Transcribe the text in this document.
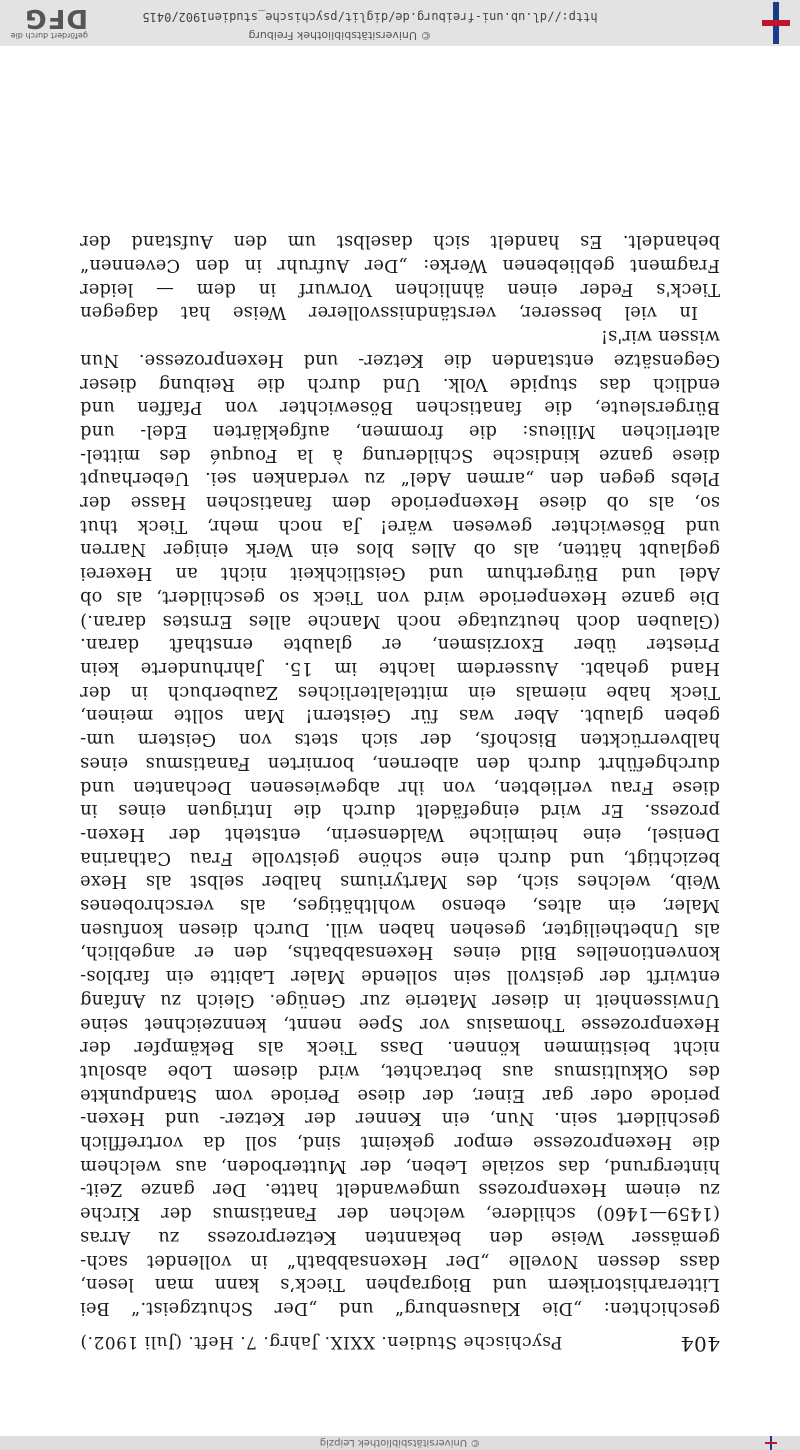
© Universitätsbibliothek Leipzig
404
Psychische Studien. XXIX. Jahrg. 7. Heft. (Juli 1902.)
geschichten: „Die Klausenburg“ und „Der Schutzgeist.“ Bei
Litterarhistorikern und Biographen Tieck’s kann man lesen,
dass dessen Novelle „Der Hexensabbath“ in vollendet sach-
gemässer Weise den bekannten Ketzerprozess zu Arras
(1459—1460) schildere, welchen der Fanatismus der Kirche
zu einem Hexenprozess umgewandelt hatte. Der ganze Zeit-
hintergrund, das soziale Leben, der Mutterboden, aus welchem
die Hexenprozesse empor gekeimt sind, soll da vortrefflich
geschildert sein. Nun, ein Kenner der Ketzer- und Hexen-
periode oder gar Einer, der diese Periode vom Standpunkte
des Okkultismus aus betrachtet, wird diesem Lobe absolut
nicht beistimmen können. Dass Tieck als Bekämpfer der
Hexenprozesse Thomasius vor Spee nennt, kennzeichnet seine
Unwissenheit in dieser Materie zur Genüge. Gleich zu Anfang
entwirft der geistvoll sein sollende Maler Labitte ein farblos-
konventionelles Bild eines Hexensabbaths, den er angeblich,
als Unbetheiligter, gesehen haben will. Durch diesen konfusen
Maler, ein altes, ebenso wohlthätiges, als verschrobenes
Weib, welches sich, des Martyriums halber selbst als Hexe
bezichtigt, und durch eine schöne geistvolle Frau Catharina
Denisel, eine heimliche Waldenserin, entsteht der Hexen-
prozess. Er wird eingefädelt durch die Intriguen eines in
diese Frau verliebten, von ihr abgewiesenen Dechanten und
durchgeführt durch den albernen, bornirten Fanatismus eines
halbverrückten Bischofs, der sich stets von Geistern um-
geben glaubt. Aber was für Geistern! Man sollte meinen,
Tieck habe niemals ein mittelalterliches Zauberbuch in der
Hand gehabt. Ausserdem lachte im 15. Jahrhunderte kein
Priester über Exorzismen, er glaubte ernsthaft daran.
(Glauben doch heutzutage noch Manche alles Ernstes daran.)
Die ganze Hexenperiode wird von Tieck so geschildert, als ob
Adel und Bürgerthum und Geistlichkeit nicht an Hexerei
geglaubt hätten, als ob Alles blos ein Werk einiger Narren
und Bösewichter gewesen wäre! Ja noch mehr, Tieck thut
so, als ob diese Hexenperiode dem fanatischen Hasse der
Plebs gegen den „armen Adel“ zu verdanken sei. Ueberhaupt
diese ganze kindische Schilderung à la Fouqué des mittel-
alterlichen Milieus: die frommen, aufgeklärten Edel- und
Bürgersleute, die fanatischen Bösewichter von Pfaffen und
endlich das stupide Volk. Und durch die Reibung dieser
Gegensätze entstanden die Ketzer- und Hexenprozesse. Nun
wissen wir's!
In viel besserer, verständnissvollerer Weise hat dagegen
Tieck's Feder einen ähnlichen Vorwurf in dem — leider
Fragment gebliebenen Werke: „Der Aufruhr in den Cevennen“
behandelt. Es handelt sich daselbst um den Aufstand der
© Universitätsbibliothek Freiburg
http://dl.ub.uni-freiburg.de/diglit/psychische_studien1902/0415
gefördert durch die
DFG
